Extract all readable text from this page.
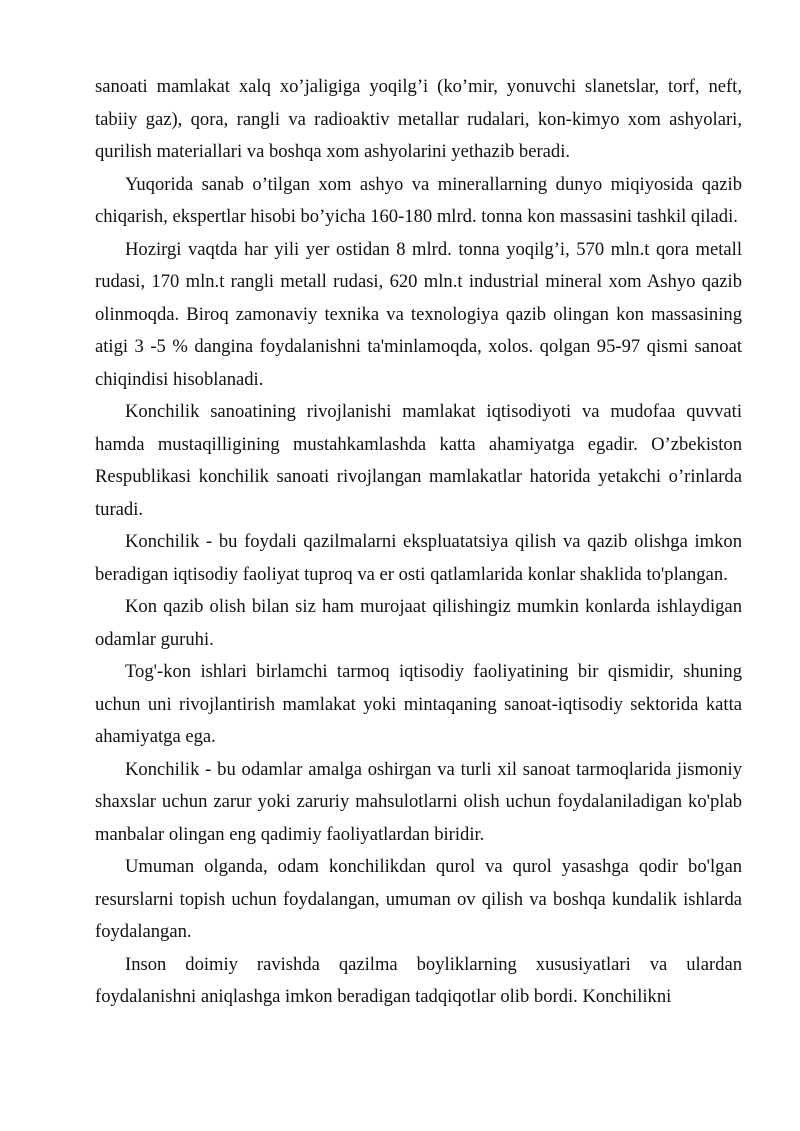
sanoati mamlakat xalq xo’jaligiga yoqilg’i (ko’mir, yonuvchi slanetslar, torf, neft, tabiiy gaz), qora, rangli va radioaktiv metallar rudalari, kon-kimyo xom ashyolari, qurilish materiallari va boshqa xom ashyolarini yethazib beradi.

Yuqorida sanab o’tilgan xom ashyo va minerallarning dunyo miqiyosida qazib chiqarish, ekspertlar hisobi bo’yicha 160-180 mlrd. tonna kon massasini tashkil qiladi.

Hozirgi vaqtda har yili yer ostidan 8 mlrd. tonna yoqilg’i, 570 mln.t qora metall rudasi, 170 mln.t rangli metall rudasi, 620 mln.t industrial mineral xom Ashyo qazib olinmoqda. Biroq zamonaviy texnika va texnologiya qazib olingan kon massasining atigi 3 -5 % dangina foydalanishni ta'minlamoqda, xolos. qolgan 95-97 qismi sanoat chiqindisi hisoblanadi.

Konchilik sanoatining rivojlanishi mamlakat iqtisodiyoti va mudofaa quvvati hamda mustaqilligining mustahkamlashda katta ahamiyatga egadir. O’zbekiston Respublikasi konchilik sanoati rivojlangan mamlakatlar hatorida yetakchi o’rinlarda turadi.

Konchilik - bu foydali qazilmalarni ekspluatatsiya qilish va qazib olishga imkon beradigan iqtisodiy faoliyat tuproq va er osti qatlamlarida konlar shaklida to'plangan.

Kon qazib olish bilan siz ham murojaat qilishingiz mumkin konlarda ishlaydigan odamlar guruhi.

Tog'-kon ishlari birlamchi tarmoq iqtisodiy faoliyatining bir qismidir, shuning uchun uni rivojlantirish mamlakat yoki mintaqaning sanoat-iqtisodiy sektorida katta ahamiyatga ega.

Konchilik - bu odamlar amalga oshirgan va turli xil sanoat tarmoqlarida jismoniy shaxslar uchun zarur yoki zaruriy mahsulotlarni olish uchun foydalaniladigan ko'plab manbalar olingan eng qadimiy faoliyatlardan biridir.

Umuman olganda, odam konchilikdan qurol va qurol yasashga qodir bo'lgan resurslarni topish uchun foydalangan, umuman ov qilish va boshqa kundalik ishlarda foydalangan.

Inson doimiy ravishda qazilma boyliklarning xususiyatlari va ulardan foydalanishni aniqlashga imkon beradigan tadqiqotlar olib bordi. Konchilikni
